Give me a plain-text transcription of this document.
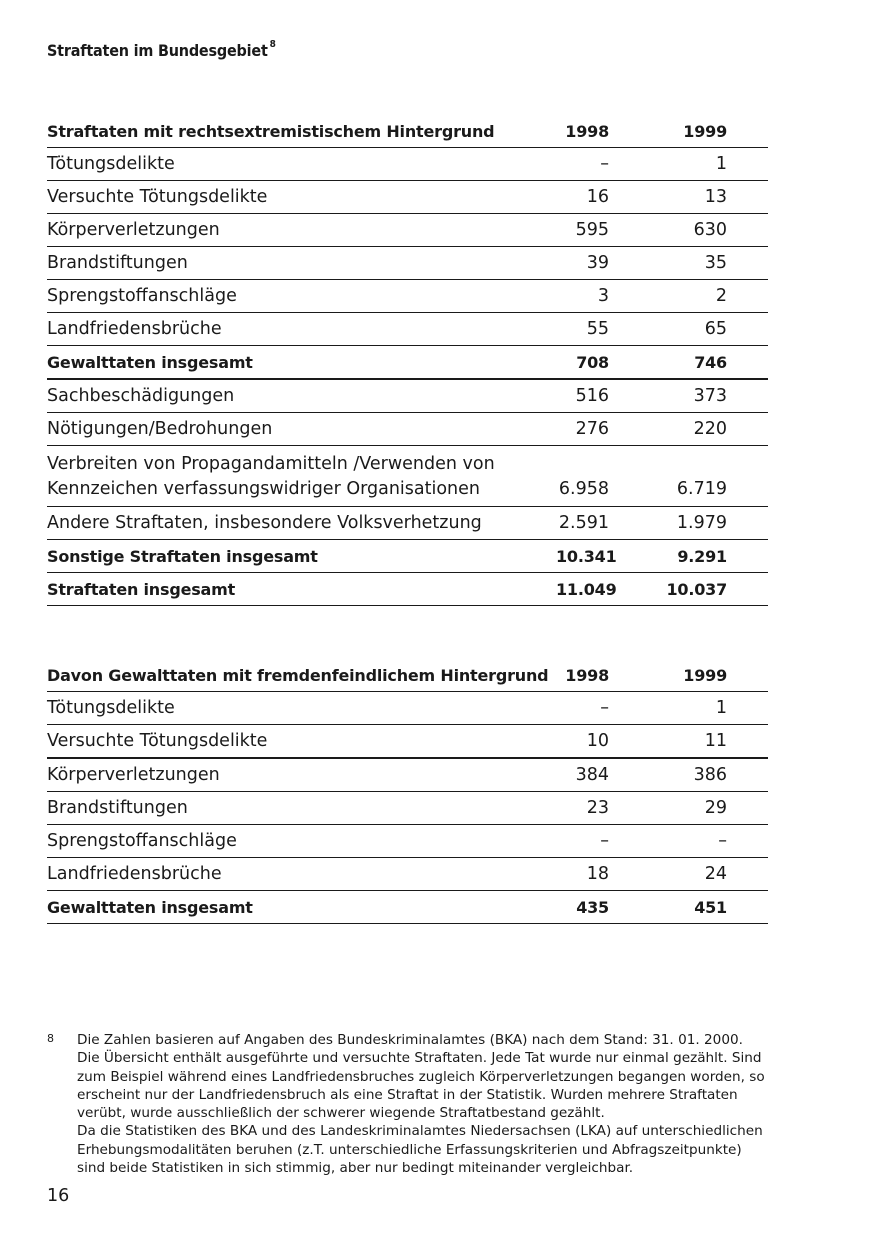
Straftaten im Bundesgebiet $^8$
Straftaten mit rechtsextremistischem Hintergrund	1998	1999	
Tötungsdelikte	–	1	
Versuchte Tötungsdelikte	16	13	
Körperverletzungen	595	630	
Brandstiftungen	39	35	
Sprengstoffanschläge	3	2	
Landfriedensbrüche	55	65	
Gewalttaten insgesamt	708	746	
Sachbeschädigungen	516	373	
Nötigungen/Bedrohungen	276	220	
Verbreiten von Propagandamitteln /Verwenden von Kennzeichen verfassungswidriger Organisationen	6.958	6.719	
Andere Straftaten, insbesondere Volksverhetzung	2.591	1.979	
Sonstige Straftaten insgesamt	10.341	9.291	
Straftaten insgesamt	11.049	10.037	
Davon Gewalttaten mit fremdenfeindlichem Hintergrund	1998	1999	
Tötungsdelikte	–	1	
Versuchte Tötungsdelikte	10	11	
Körperverletzungen	384	386	
Brandstiftungen	23	29	
Sprengstoffanschläge	–	–	
Landfriedensbrüche	18	24	
Gewalttaten insgesamt	435	451	
8 Die Zahlen basieren auf Angaben des Bundeskriminalamtes (BKA) nach dem Stand: 31. 01. 2000. Die Übersicht enthält ausgeführte und versuchte Straftaten. Jede Tat wurde nur einmal gezählt. Sind zum Beispiel während eines Landfriedensbruches zugleich Körperverletzungen begangen worden, so erscheint nur der Landfriedensbruch als eine Straftat in der Statistik. Wurden mehrere Straftaten verübt, wurde ausschließlich der schwerer wiegende Straftatbestand gezählt.

Da die Statistiken des BKA und des Landeskriminalamtes Niedersachsen (LKA) auf unterschiedlichen Erhebungsmodalitäten beruhen (z.T. unterschiedliche Erfassungskriterien und Abfragszeitpunkte) sind beide Statistiken in sich stimmig, aber nur bedingt miteinander vergleichbar.

16
